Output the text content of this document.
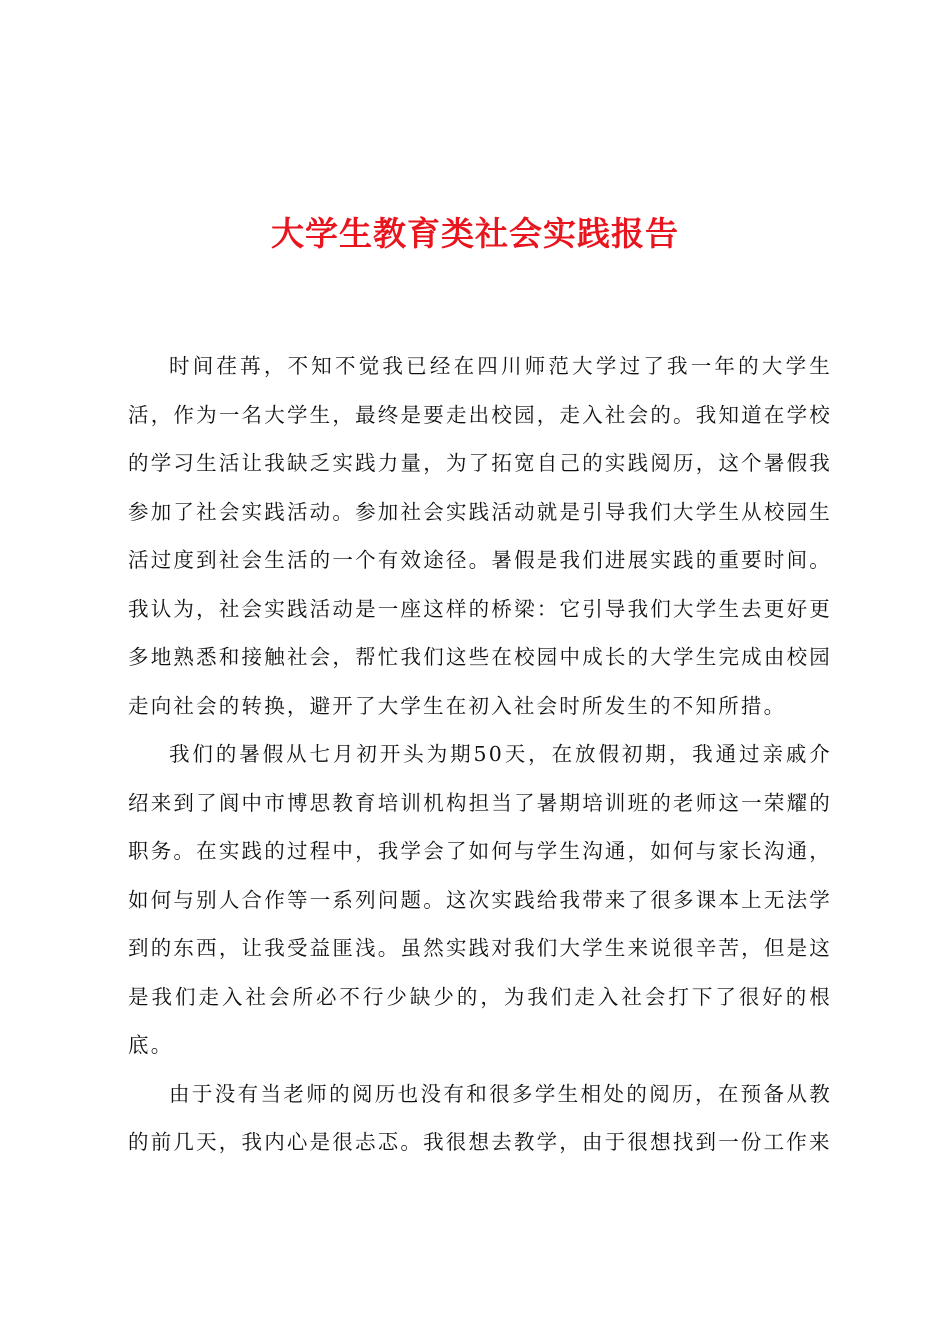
大学生教育类社会实践报告

时间荏苒，不知不觉我已经在四川师范大学过了我一年的大学生活，作为一名大学生，最终是要走出校园，走入社会的。我知道在学校的学习生活让我缺乏实践力量，为了拓宽自己的实践阅历，这个暑假我参加了社会实践活动。参加社会实践活动就是引导我们大学生从校园生活过度到社会生活的一个有效途径。暑假是我们进展实践的重要时间。我认为，社会实践活动是一座这样的桥梁：它引导我们大学生去更好更多地熟悉和接触社会，帮忙我们这些在校园中成长的大学生完成由校园走向社会的转换，避开了大学生在初入社会时所发生的不知所措。

我们的暑假从七月初开头为期50天，在放假初期，我通过亲戚介绍来到了阆中市博思教育培训机构担当了暑期培训班的老师这一荣耀的职务。在实践的过程中，我学会了如何与学生沟通，如何与家长沟通，如何与别人合作等一系列问题。这次实践给我带来了很多课本上无法学到的东西，让我受益匪浅。虽然实践对我们大学生来说很辛苦，但是这是我们走入社会所必不行少缺少的，为我们走入社会打下了很好的根底。

由于没有当老师的阅历也没有和很多学生相处的阅历，在预备从教的前几天，我内心是很忐忑。我很想去教学，由于很想找到一份工作来
